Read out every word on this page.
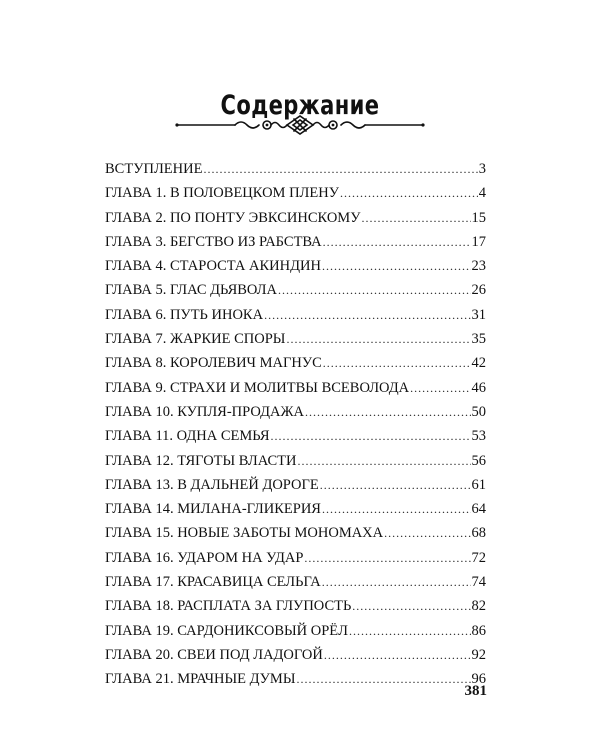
Содержание
ВСТУПЛЕНИЕ .....	3
ГЛАВА 1. В ПОЛОВЕЦКОМ ПЛЕНУ .....	4
ГЛАВА 2. ПО ПОНТУ ЭВКСИНСКОМУ .....	15
ГЛАВА 3. БЕГСТВО ИЗ РАБСТВА .....	17
ГЛАВА 4. СТАРОСТА АКИНДИН .....	23
ГЛАВА 5. ГЛАС ДЬЯВОЛА .....	26
ГЛАВА 6. ПУТЬ ИНОКА .....	31
ГЛАВА 7. ЖАРКИЕ СПОРЫ .....	35
ГЛАВА 8. КОРОЛЕВИЧ МАГНУС .....	42
ГЛАВА 9. СТРАХИ И МОЛИТВЫ ВСЕВОЛОДА .....	46
ГЛАВА 10. КУПЛЯ-ПРОДАЖА .....	50
ГЛАВА 11. ОДНА СЕМЬЯ .....	53
ГЛАВА 12. ТЯГОТЫ ВЛАСТИ .....	56
ГЛАВА 13. В ДАЛЬНЕЙ ДОРОГЕ .....	61
ГЛАВА 14. МИЛАНА-ГЛИКЕРИЯ .....	64
ГЛАВА 15. НОВЫЕ ЗАБОТЫ МОНОМАХА .....	68
ГЛАВА 16. УДАРОМ НА УДАР .....	72
ГЛАВА 17. КРАСАВИЦА СЕЛЬГА .....	74
ГЛАВА 18. РАСПЛАТА ЗА ГЛУПОСТЬ .....	82
ГЛАВА 19. САРДОНИКСОВЫЙ ОРЁЛ .....	86
ГЛАВА 20. СВЕИ ПОД ЛАДОГОЙ .....	92
ГЛАВА 21. МРАЧНЫЕ ДУМЫ .....	96
381
